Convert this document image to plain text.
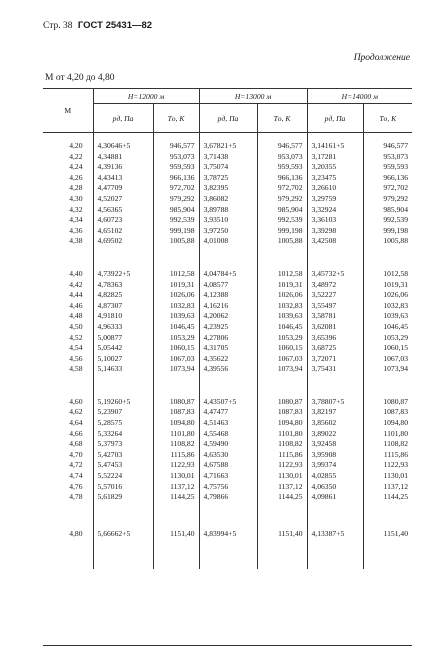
Стр. 38 ГОСТ 25431—82
Продолжение
М от 4,20 до 4,80
М	H=12000 м		H=13000 м		H=14000 м	
	pд, Па	Tо, К	pд, Па	Tо, К	pд, Па	Tо, К
4,20	4,30646+5	946,577	3,67821+5	946,577	3,14161+5	946,577
4,22	4,34881	953,073	3,71438	953,073	3,17281	953,073
4,24	4,39136	959,593	3,75074	959,593	3,20355	959,593
4,26	4,43413	966,136	3,78725	966,136	3,23475	966,136
4,28	4,47709	972,702	3,82395	972,702	3,26610	972,702
4,30	4,52027	979,292	3,86082	979,292	3,29759	979,292
4,32	4,56365	985,904	3,89788	985,904	3,32924	985,904
4,34	4,60723	992,539	3,93510	992,539	3,36103	992,539
4,36	4,65102	999,198	3,97250	999,198	3,39298	999,198
4,38	4,69502	1005,88	4,01008	1005,88	3,42508	1005,88

4,40	4,73922+5	1012,58	4,04784+5	1012,58	3,45732+5	1012,58
4,42	4,78363	1019,31	4,08577	1019,31	3,48972	1019,31
4,44	4,82825	1026,06	4,12388	1026,06	3,52227	1026,06
4,46	4,87307	1032,83	4,16216	1032,83	3,55497	1032,83
4,48	4,91810	1039,63	4,20062	1039,63	3,58781	1039,63
4,50	4,96333	1046,45	4,23925	1046,45	3,62081	1046,45
4,52	5,00877	1053,29	4,27806	1053,29	3,65396	1053,29
4,54	5,05442	1060,15	4,31705	1060,15	3,68725	1060,15
4,56	5,10027	1067,03	4,35622	1067,03	3,72071	1067,03
4,58	5,14633	1073,94	4,39556	1073,94	3,75431	1073,94

4,60	5,19260+5	1080,87	4,43507+5	1080,87	3,78807+5	1080,87
4,62	5,23907	1087,83	4,47477	1087,83	3,82197	1087,83
4,64	5,28575	1094,80	4,51463	1094,80	3,85602	1094,80
4,66	5,33264	1101,80	4,55468	1101,80	3,89022	1101,80
4,68	5,37973	1108,82	4,59490	1108,82	3,92458	1108,82
4,70	5,42703	1115,86	4,63530	1115,86	3,95908	1115,86
4,72	5,47453	1122,93	4,67588	1122,93	3,99374	1122,93
4,74	5,52224	1130,01	4,71663	1130,01	4,02855	1130,01
4,76	5,57016	1137,12	4,75756	1137,12	4,06350	1137,12
4,78	5,61829	1144,25	4,79866	1144,25	4,09861	1144,25

4,80	5,66662+5	1151,40	4,83994+5	1151,40	4,13387+5	1151,40
